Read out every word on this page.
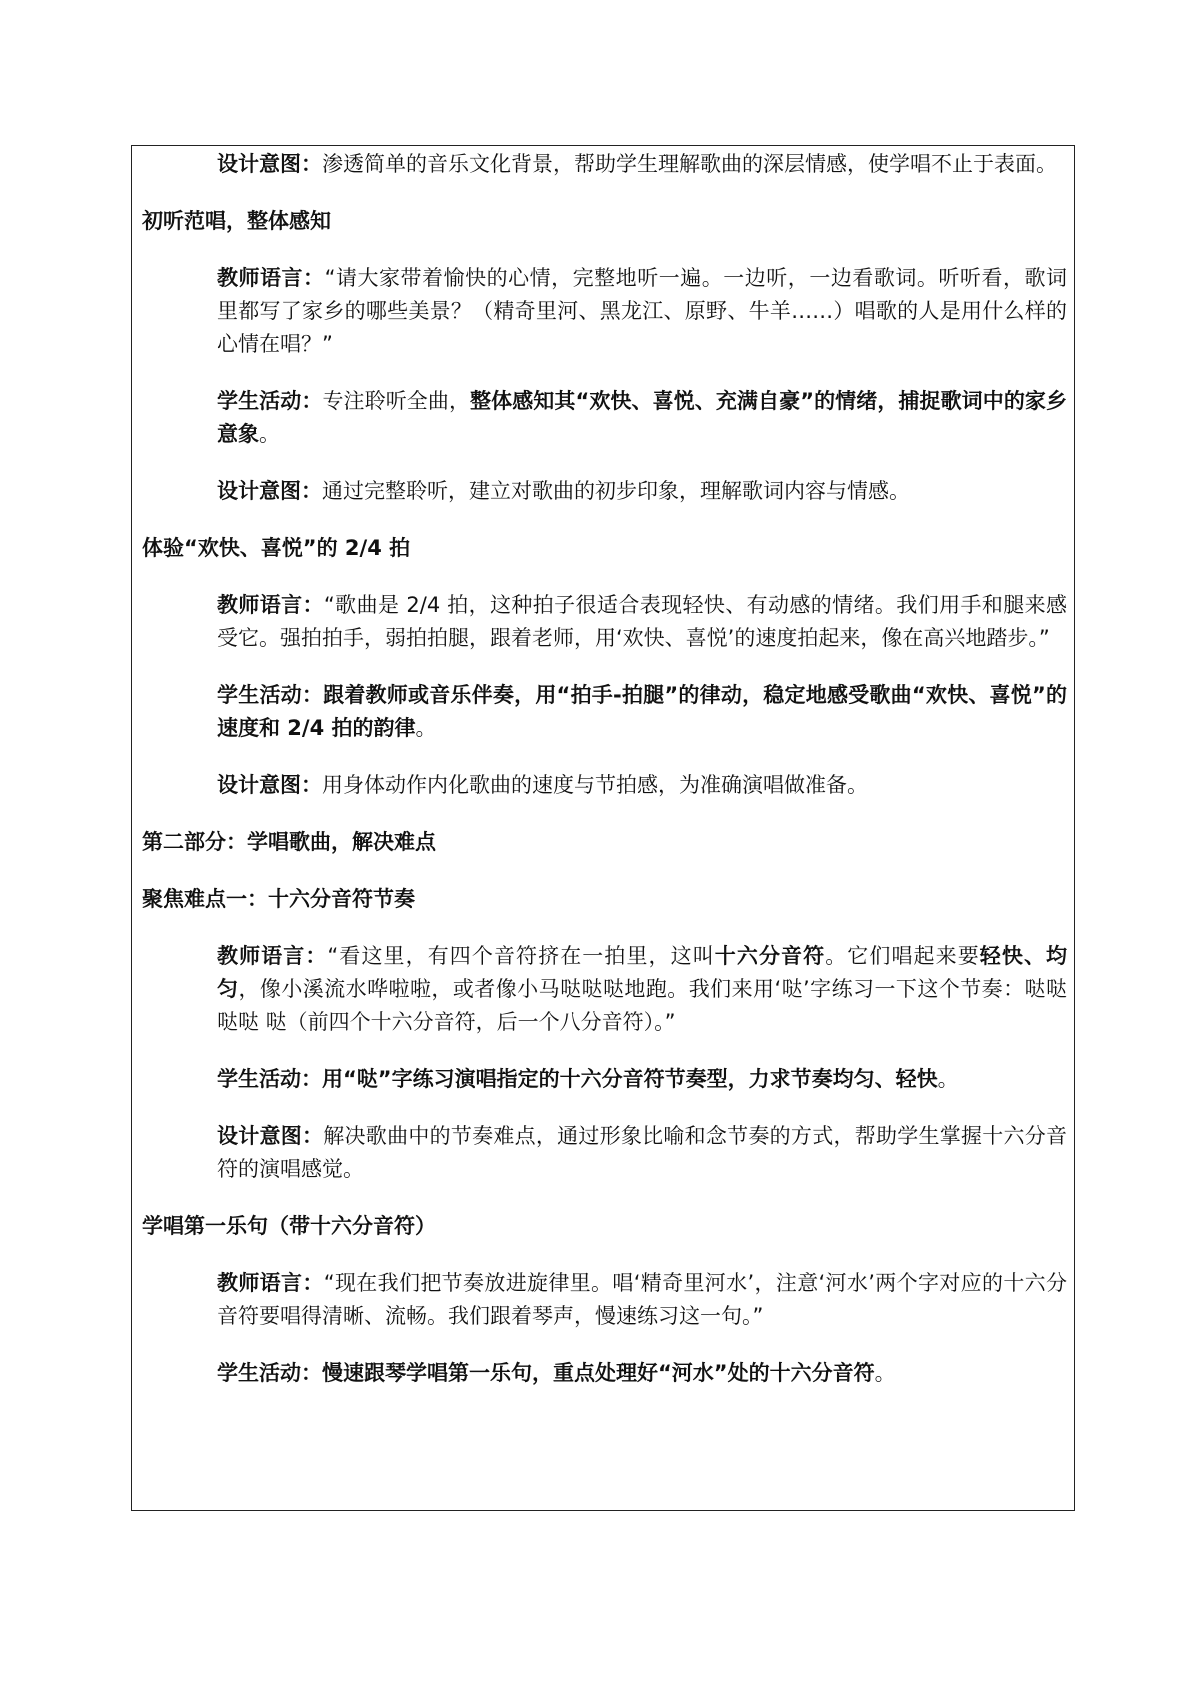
设计意图：渗透简单的音乐文化背景，帮助学生理解歌曲的深层情感，使学唱不止于表面。

初听范唱，整体感知

教师语言：“请大家带着愉快的心情，完整地听一遍。一边听，一边看歌词。听听看，歌词里都写了家乡的哪些美景？（精奇里河、黑龙江、原野、牛羊……）唱歌的人是用什么样的心情在唱？”

学生活动：专注聆听全曲，整体感知其“欢快、喜悦、充满自豪”的情绪，捕捉歌词中的家乡意象。

设计意图：通过完整聆听，建立对歌曲的初步印象，理解歌词内容与情感。

体验“欢快、喜悦”的 2/4 拍

教师语言：“歌曲是 2/4 拍，这种拍子很适合表现轻快、有动感的情绪。我们用手和腿来感受它。强拍拍手，弱拍拍腿，跟着老师，用‘欢快、喜悦’的速度拍起来，像在高兴地踏步。”

学生活动：跟着教师或音乐伴奏，用“拍手-拍腿”的律动，稳定地感受歌曲“欢快、喜悦”的速度和 2/4 拍的韵律。

设计意图：用身体动作内化歌曲的速度与节拍感，为准确演唱做准备。

第二部分：学唱歌曲，解决难点

聚焦难点一：十六分音符节奏

教师语言：“看这里，有四个音符挤在一拍里，这叫十六分音符。它们唱起来要轻快、均匀，像小溪流水哗啦啦，或者像小马哒哒哒地跑。我们来用‘哒’字练习一下这个节奏：哒哒哒哒 哒（前四个十六分音符，后一个八分音符）。”

学生活动：用“哒”字练习演唱指定的十六分音符节奏型，力求节奏均匀、轻快。

设计意图：解决歌曲中的节奏难点，通过形象比喻和念节奏的方式，帮助学生掌握十六分音符的演唱感觉。

学唱第一乐句（带十六分音符）

教师语言：“现在我们把节奏放进旋律里。唱‘精奇里河水’，注意‘河水’两个字对应的十六分音符要唱得清晰、流畅。我们跟着琴声，慢速练习这一句。”

学生活动：慢速跟琴学唱第一乐句，重点处理好“河水”处的十六分音符。
